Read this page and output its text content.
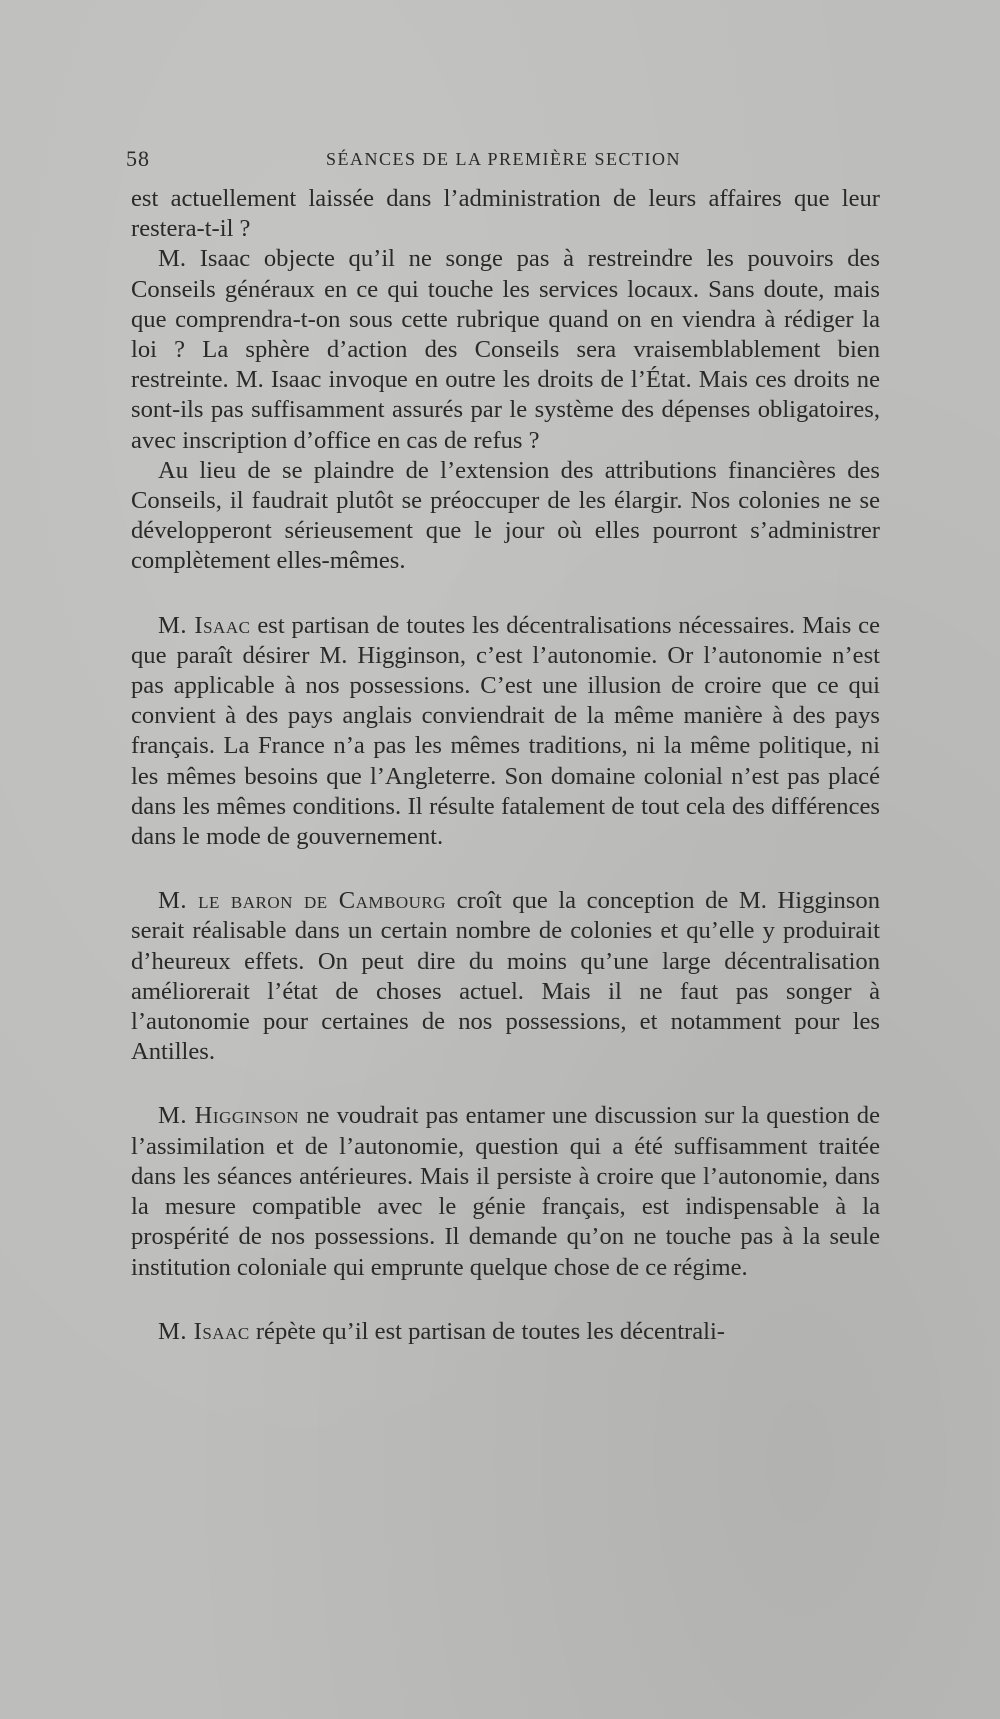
58	SÉANCES DE LA PREMIÈRE SECTION

est actuellement laissée dans l’administration de leurs affaires que leur restera-t-il ?

M. Isaac objecte qu’il ne songe pas à restreindre les pouvoirs des Conseils généraux en ce qui touche les services locaux. Sans doute, mais que comprendra-t-on sous cette rubrique quand on en viendra à rédiger la loi ? La sphère d’action des Conseils sera vraisemblablement bien restreinte. M. Isaac invoque en outre les droits de l’État. Mais ces droits ne sont-ils pas suffisamment assurés par le système des dépenses obligatoires, avec inscription d’office en cas de refus ?

Au lieu de se plaindre de l’extension des attributions financières des Conseils, il faudrait plutôt se préoccuper de les élargir. Nos colonies ne se développeront sérieusement que le jour où elles pourront s’administrer complètement elles-mêmes.

M. Isaac est partisan de toutes les décentralisations nécessaires. Mais ce que paraît désirer M. Higginson, c’est l’autonomie. Or l’autonomie n’est pas applicable à nos possessions. C’est une illusion de croire que ce qui convient à des pays anglais conviendrait de la même manière à des pays français. La France n’a pas les mêmes traditions, ni la même politique, ni les mêmes besoins que l’Angleterre. Son domaine colonial n’est pas placé dans les mêmes conditions. Il résulte fatalement de tout cela des différences dans le mode de gouvernement.

M. le baron de Cambourg croît que la conception de M. Higginson serait réalisable dans un certain nombre de colonies et qu’elle y produirait d’heureux effets. On peut dire du moins qu’une large décentralisation améliorerait l’état de choses actuel. Mais il ne faut pas songer à l’autonomie pour certaines de nos possessions, et notamment pour les Antilles.

M. Higginson ne voudrait pas entamer une discussion sur la question de l’assimilation et de l’autonomie, question qui a été suffisamment traitée dans les séances antérieures. Mais il persiste à croire que l’autonomie, dans la mesure compatible avec le génie français, est indispensable à la prospérité de nos possessions. Il demande qu’on ne touche pas à la seule institution coloniale qui emprunte quelque chose de ce régime.

M. Isaac répète qu’il est partisan de toutes les décentrali-
